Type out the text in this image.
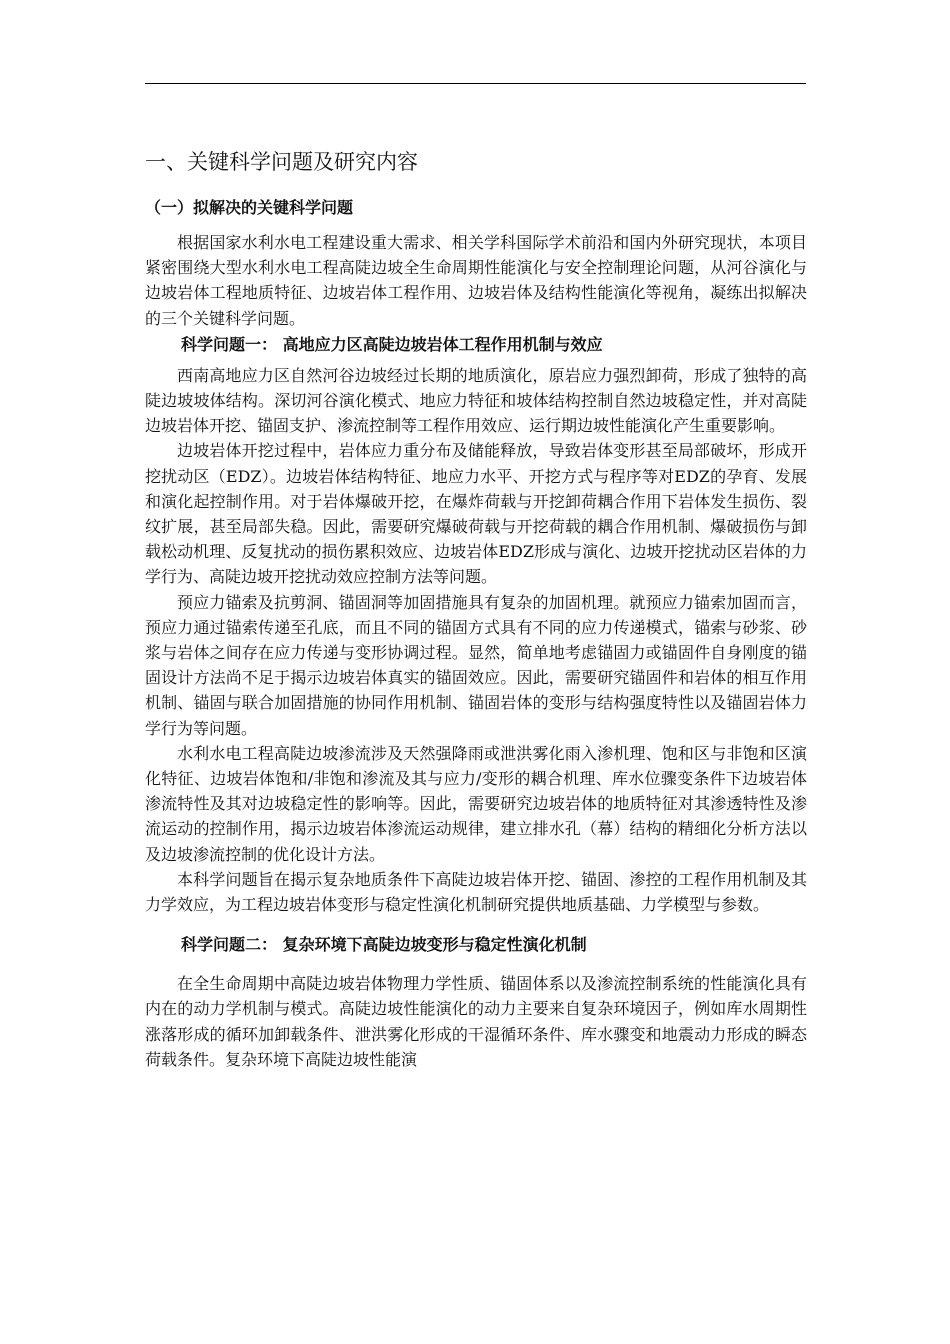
一、关键科学问题及研究内容
（一）拟解决的关键科学问题

根据国家水利水电工程建设重大需求、相关学科国际学术前沿和国内外研究现状，本项目紧密围绕大型水利水电工程高陡边坡全生命周期性能演化与安全控制理论问题，从河谷演化与边坡岩体工程地质特征、边坡岩体工程作用、边坡岩体及结构性能演化等视角，凝练出拟解决的三个关键科学问题。

科学问题一： 高地应力区高陡边坡岩体工程作用机制与效应

西南高地应力区自然河谷边坡经过长期的地质演化，原岩应力强烈卸荷，形成了独特的高陡边坡坡体结构。深切河谷演化模式、地应力特征和坡体结构控制自然边坡稳定性，并对高陡边坡岩体开挖、锚固支护、渗流控制等工程作用效应、运行期边坡性能演化产生重要影响。

边坡岩体开挖过程中，岩体应力重分布及储能释放，导致岩体变形甚至局部破坏，形成开挖扰动区（EDZ）。边坡岩体结构特征、地应力水平、开挖方式与程序等对EDZ的孕育、发展和演化起控制作用。对于岩体爆破开挖，在爆炸荷载与开挖卸荷耦合作用下岩体发生损伤、裂纹扩展，甚至局部失稳。因此，需要研究爆破荷载与开挖荷载的耦合作用机制、爆破损伤与卸载松动机理、反复扰动的损伤累积效应、边坡岩体EDZ形成与演化、边坡开挖扰动区岩体的力学行为、高陡边坡开挖扰动效应控制方法等问题。

预应力锚索及抗剪洞、锚固洞等加固措施具有复杂的加固机理。就预应力锚索加固而言，预应力通过锚索传递至孔底，而且不同的锚固方式具有不同的应力传递模式，锚索与砂浆、砂浆与岩体之间存在应力传递与变形协调过程。显然，简单地考虑锚固力或锚固件自身刚度的锚固设计方法尚不足于揭示边坡岩体真实的锚固效应。因此，需要研究锚固件和岩体的相互作用机制、锚固与联合加固措施的协同作用机制、锚固岩体的变形与结构强度特性以及锚固岩体力学行为等问题。

水利水电工程高陡边坡渗流涉及天然强降雨或泄洪雾化雨入渗机理、饱和区与非饱和区演化特征、边坡岩体饱和/非饱和渗流及其与应力/变形的耦合机理、库水位骤变条件下边坡岩体渗流特性及其对边坡稳定性的影响等。因此，需要研究边坡岩体的地质特征对其渗透特性及渗流运动的控制作用，揭示边坡岩体渗流运动规律，建立排水孔（幕）结构的精细化分析方法以及边坡渗流控制的优化设计方法。

本科学问题旨在揭示复杂地质条件下高陡边坡岩体开挖、锚固、渗控的工程作用机制及其力学效应，为工程边坡岩体变形与稳定性演化机制研究提供地质基础、力学模型与参数。

科学问题二： 复杂环境下高陡边坡变形与稳定性演化机制

在全生命周期中高陡边坡岩体物理力学性质、锚固体系以及渗流控制系统的性能演化具有内在的动力学机制与模式。高陡边坡性能演化的动力主要来自复杂环境因子，例如库水周期性涨落形成的循环加卸载条件、泄洪雾化形成的干湿循环条件、库水骤变和地震动力形成的瞬态荷载条件。复杂环境下高陡边坡性能演
